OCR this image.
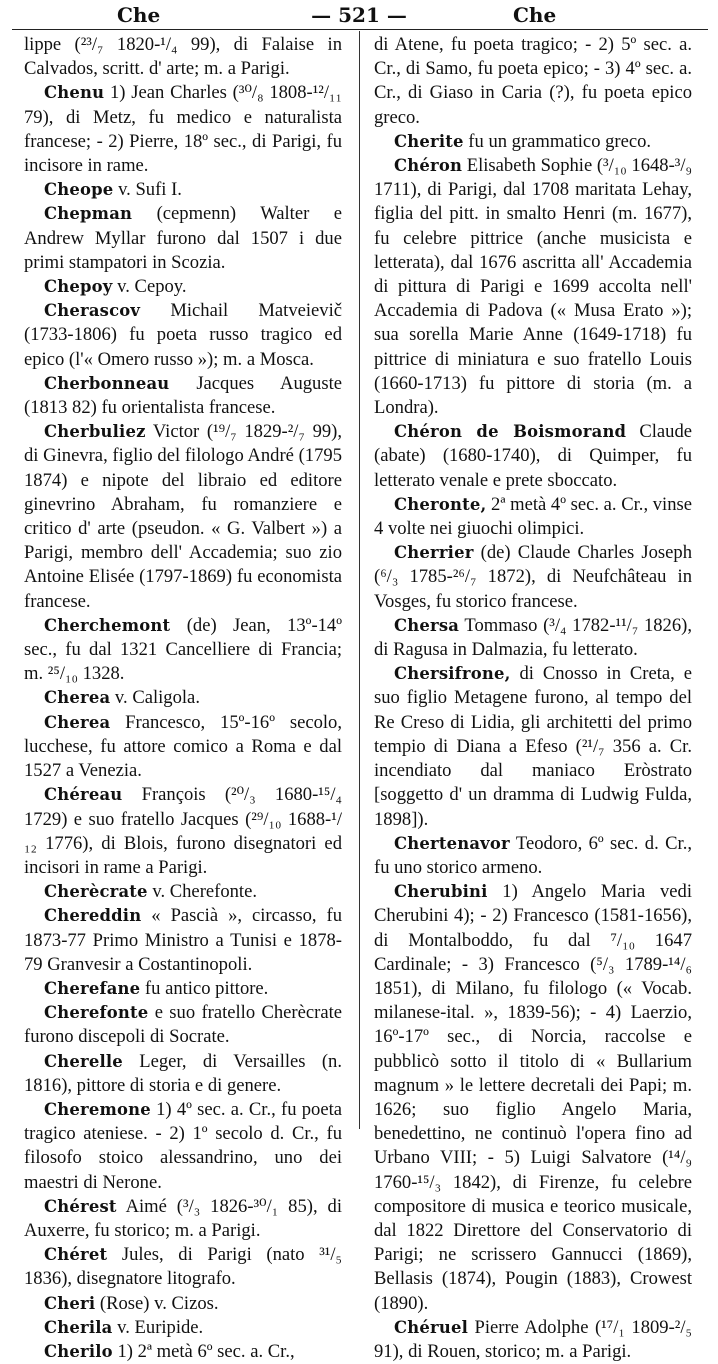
Che	— 521 —	Che

lippe (²³/₇ 1820-¹/₄ 99), di Falaise in Calvados, scritt. d' arte; m. a Parigi.

Chenu 1) Jean Charles (³⁰/₈ 1808-¹²/₁₁ 79), di Metz, fu medico e naturalista francese; - 2) Pierre, 18º sec., di Parigi, fu incisore in rame.

Cheope v. Sufi I.

Chepman (cepmenn) Walter e Andrew Myllar furono dal 1507 i due primi stampatori in Scozia.

Chepoy v. Cepoy.

Cherascov Michail Matveievič (1733-1806) fu poeta russo tragico ed epico (l'« Omero russo »); m. a Mosca.

Cherbonneau Jacques Auguste (1813 82) fu orientalista francese.

Cherbuliez Victor (¹⁹/₇ 1829-²/₇ 99), di Ginevra, figlio del filologo André (1795 1874) e nipote del libraio ed editore ginevrino Abraham, fu romanziere e critico d' arte (pseudon. « G. Valbert ») a Parigi, membro dell' Accademia; suo zio Antoine Elisée (1797-1869) fu economista francese.

Cherchemont (de) Jean, 13º-14º sec., fu dal 1321 Cancelliere di Francia; m. ²⁵/₁₀ 1328.

Cherea v. Caligola.

Cherea Francesco, 15º-16º secolo, lucchese, fu attore comico a Roma e dal 1527 a Venezia.

Chéreau François (²⁰/₃ 1680-¹⁵/₄ 1729) e suo fratello Jacques (²⁹/₁₀ 1688-¹/₁₂ 1776), di Blois, furono disegnatori ed incisori in rame a Parigi.

Cherècrate v. Cherefonte.

Chereddin « Pascià », circasso, fu 1873-77 Primo Ministro a Tunisi e 1878-79 Granvesir a Costantinopoli.

Cherefane fu antico pittore.

Cherefonte e suo fratello Cherècrate furono discepoli di Socrate.

Cherelle Leger, di Versailles (n. 1816), pittore di storia e di genere.

Cheremone 1) 4º sec. a. Cr., fu poeta tragico ateniese. - 2) 1º secolo d. Cr., fu filosofo stoico alessandrino, uno dei maestri di Nerone.

Chérest Aimé (³/₃ 1826-³⁰/₁ 85), di Auxerre, fu storico; m. a Parigi.

Chéret Jules, di Parigi (nato ³¹/₅ 1836), disegnatore litografo.

Cheri (Rose) v. Cizos.

Cherila v. Euripide.

Cherilo 1) 2ª metà 6º sec. a. Cr.,

di Atene, fu poeta tragico; - 2) 5º sec. a. Cr., di Samo, fu poeta epico; - 3) 4º sec. a. Cr., di Giaso in Caria (?), fu poeta epico greco.

Cherite fu un grammatico greco.

Chéron Elisabeth Sophie (³/₁₀ 1648-³/₉ 1711), di Parigi, dal 1708 maritata Lehay, figlia del pitt. in smalto Henri (m. 1677), fu celebre pittrice (anche musicista e letterata), dal 1676 ascritta all' Accademia di pittura di Parigi e 1699 accolta nell' Accademia di Padova (« Musa Erato »); sua sorella Marie Anne (1649-1718) fu pittrice di miniatura e suo fratello Louis (1660-1713) fu pittore di storia (m. a Londra).

Chéron de Boismorand Claude (abate) (1680-1740), di Quimper, fu letterato venale e prete sboccato.

Cheronte, 2ª metà 4º sec. a. Cr., vinse 4 volte nei giuochi olimpici.

Cherrier (de) Claude Charles Joseph (⁶/₃ 1785-²⁶/₇ 1872), di Neufchâteau in Vosges, fu storico francese.

Chersa Tommaso (³/₄ 1782-¹¹/₇ 1826), di Ragusa in Dalmazia, fu letterato.

Chersifrone, di Cnosso in Creta, e suo figlio Metagene furono, al tempo del Re Creso di Lidia, gli architetti del primo tempio di Diana a Efeso (²¹/₇ 356 a. Cr. incendiato dal maniaco Eròstrato [soggetto d' un dramma di Ludwig Fulda, 1898]).

Chertenavor Teodoro, 6º sec. d. Cr., fu uno storico armeno.

Cherubini 1) Angelo Maria vedi Cherubini 4); - 2) Francesco (1581-1656), di Montalboddo, fu dal ⁷/₁₀ 1647 Cardinale; - 3) Francesco (⁵/₃ 1789-¹⁴/₆ 1851), di Milano, fu filologo (« Vocab. milanese-ital. », 1839-56); - 4) Laerzio, 16º-17º sec., di Norcia, raccolse e pubblicò sotto il titolo di « Bullarium magnum » le lettere decretali dei Papi; m. 1626; suo figlio Angelo Maria, benedettino, ne continuò l'opera fino ad Urbano VIII; - 5) Luigi Salvatore (¹⁴/₉ 1760-¹⁵/₃ 1842), di Firenze, fu celebre compositore di musica e teorico musicale, dal 1822 Direttore del Conservatorio di Parigi; ne scrissero Gannucci (1869), Bellasis (1874), Pougin (1883), Crowest (1890).

Chéruel Pierre Adolphe (¹⁷/₁ 1809-²/₅ 91), di Rouen, storico; m. a Parigi.
